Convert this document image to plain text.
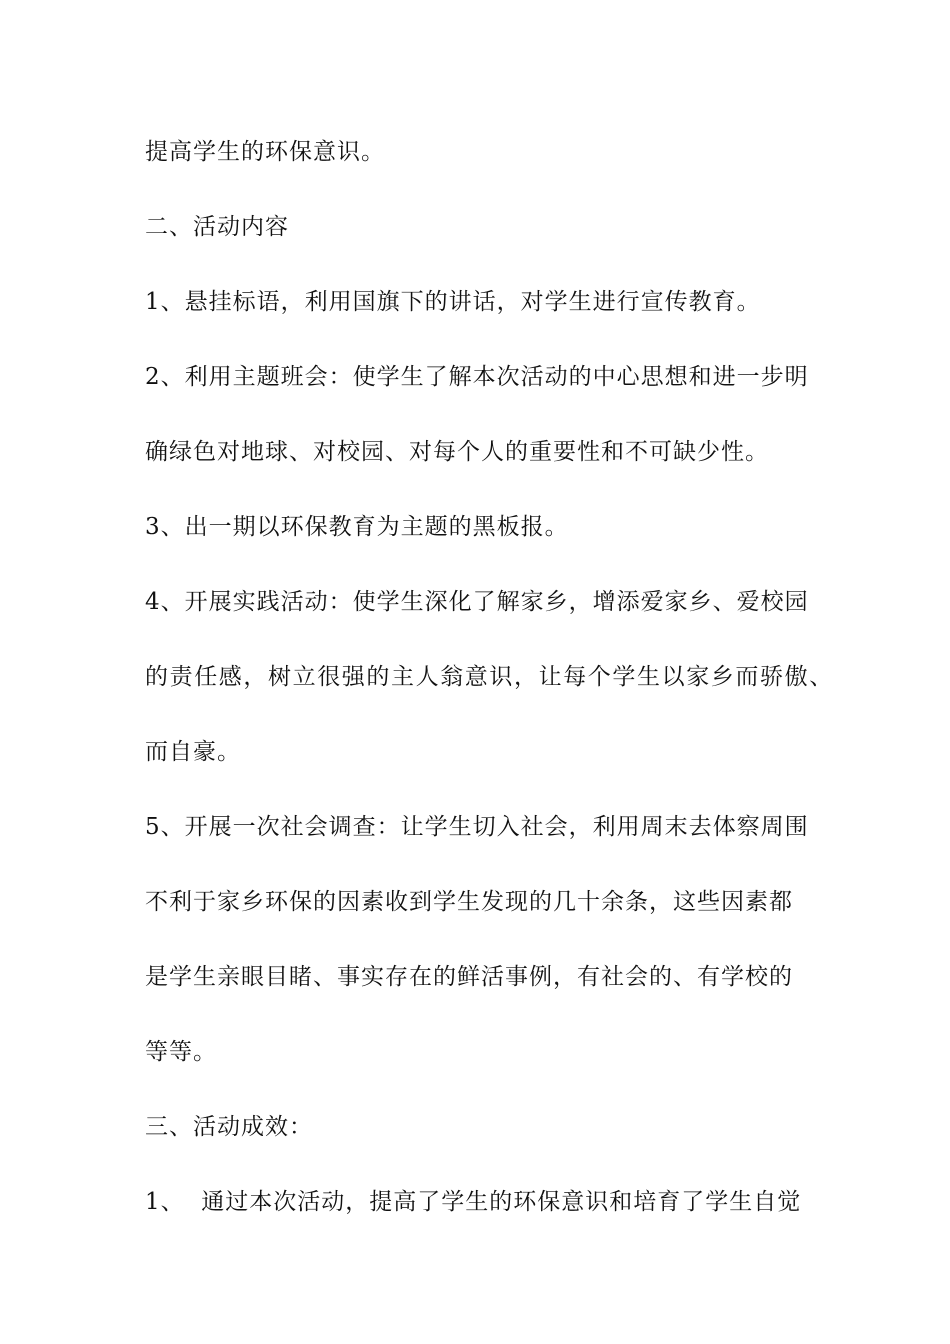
提高学生的环保意识。
二、活动内容
1、悬挂标语，利用国旗下的讲话，对学生进行宣传教育。
2、利用主题班会：使学生了解本次活动的中心思想和进一步明
确绿色对地球、对校园、对每个人的重要性和不可缺少性。
3、出一期以环保教育为主题的黑板报。
4、开展实践活动：使学生深化了解家乡，增添爱家乡、爱校园
的责任感，树立很强的主人翁意识，让每个学生以家乡而骄傲、
而自豪。
5、开展一次社会调查：让学生切入社会，利用周末去体察周围
不利于家乡环保的因素收到学生发现的几十余条，这些因素都
是学生亲眼目睹、事实存在的鲜活事例，有社会的、有学校的
等等。
三、活动成效：
1、  通过本次活动，提高了学生的环保意识和培育了学生自觉
